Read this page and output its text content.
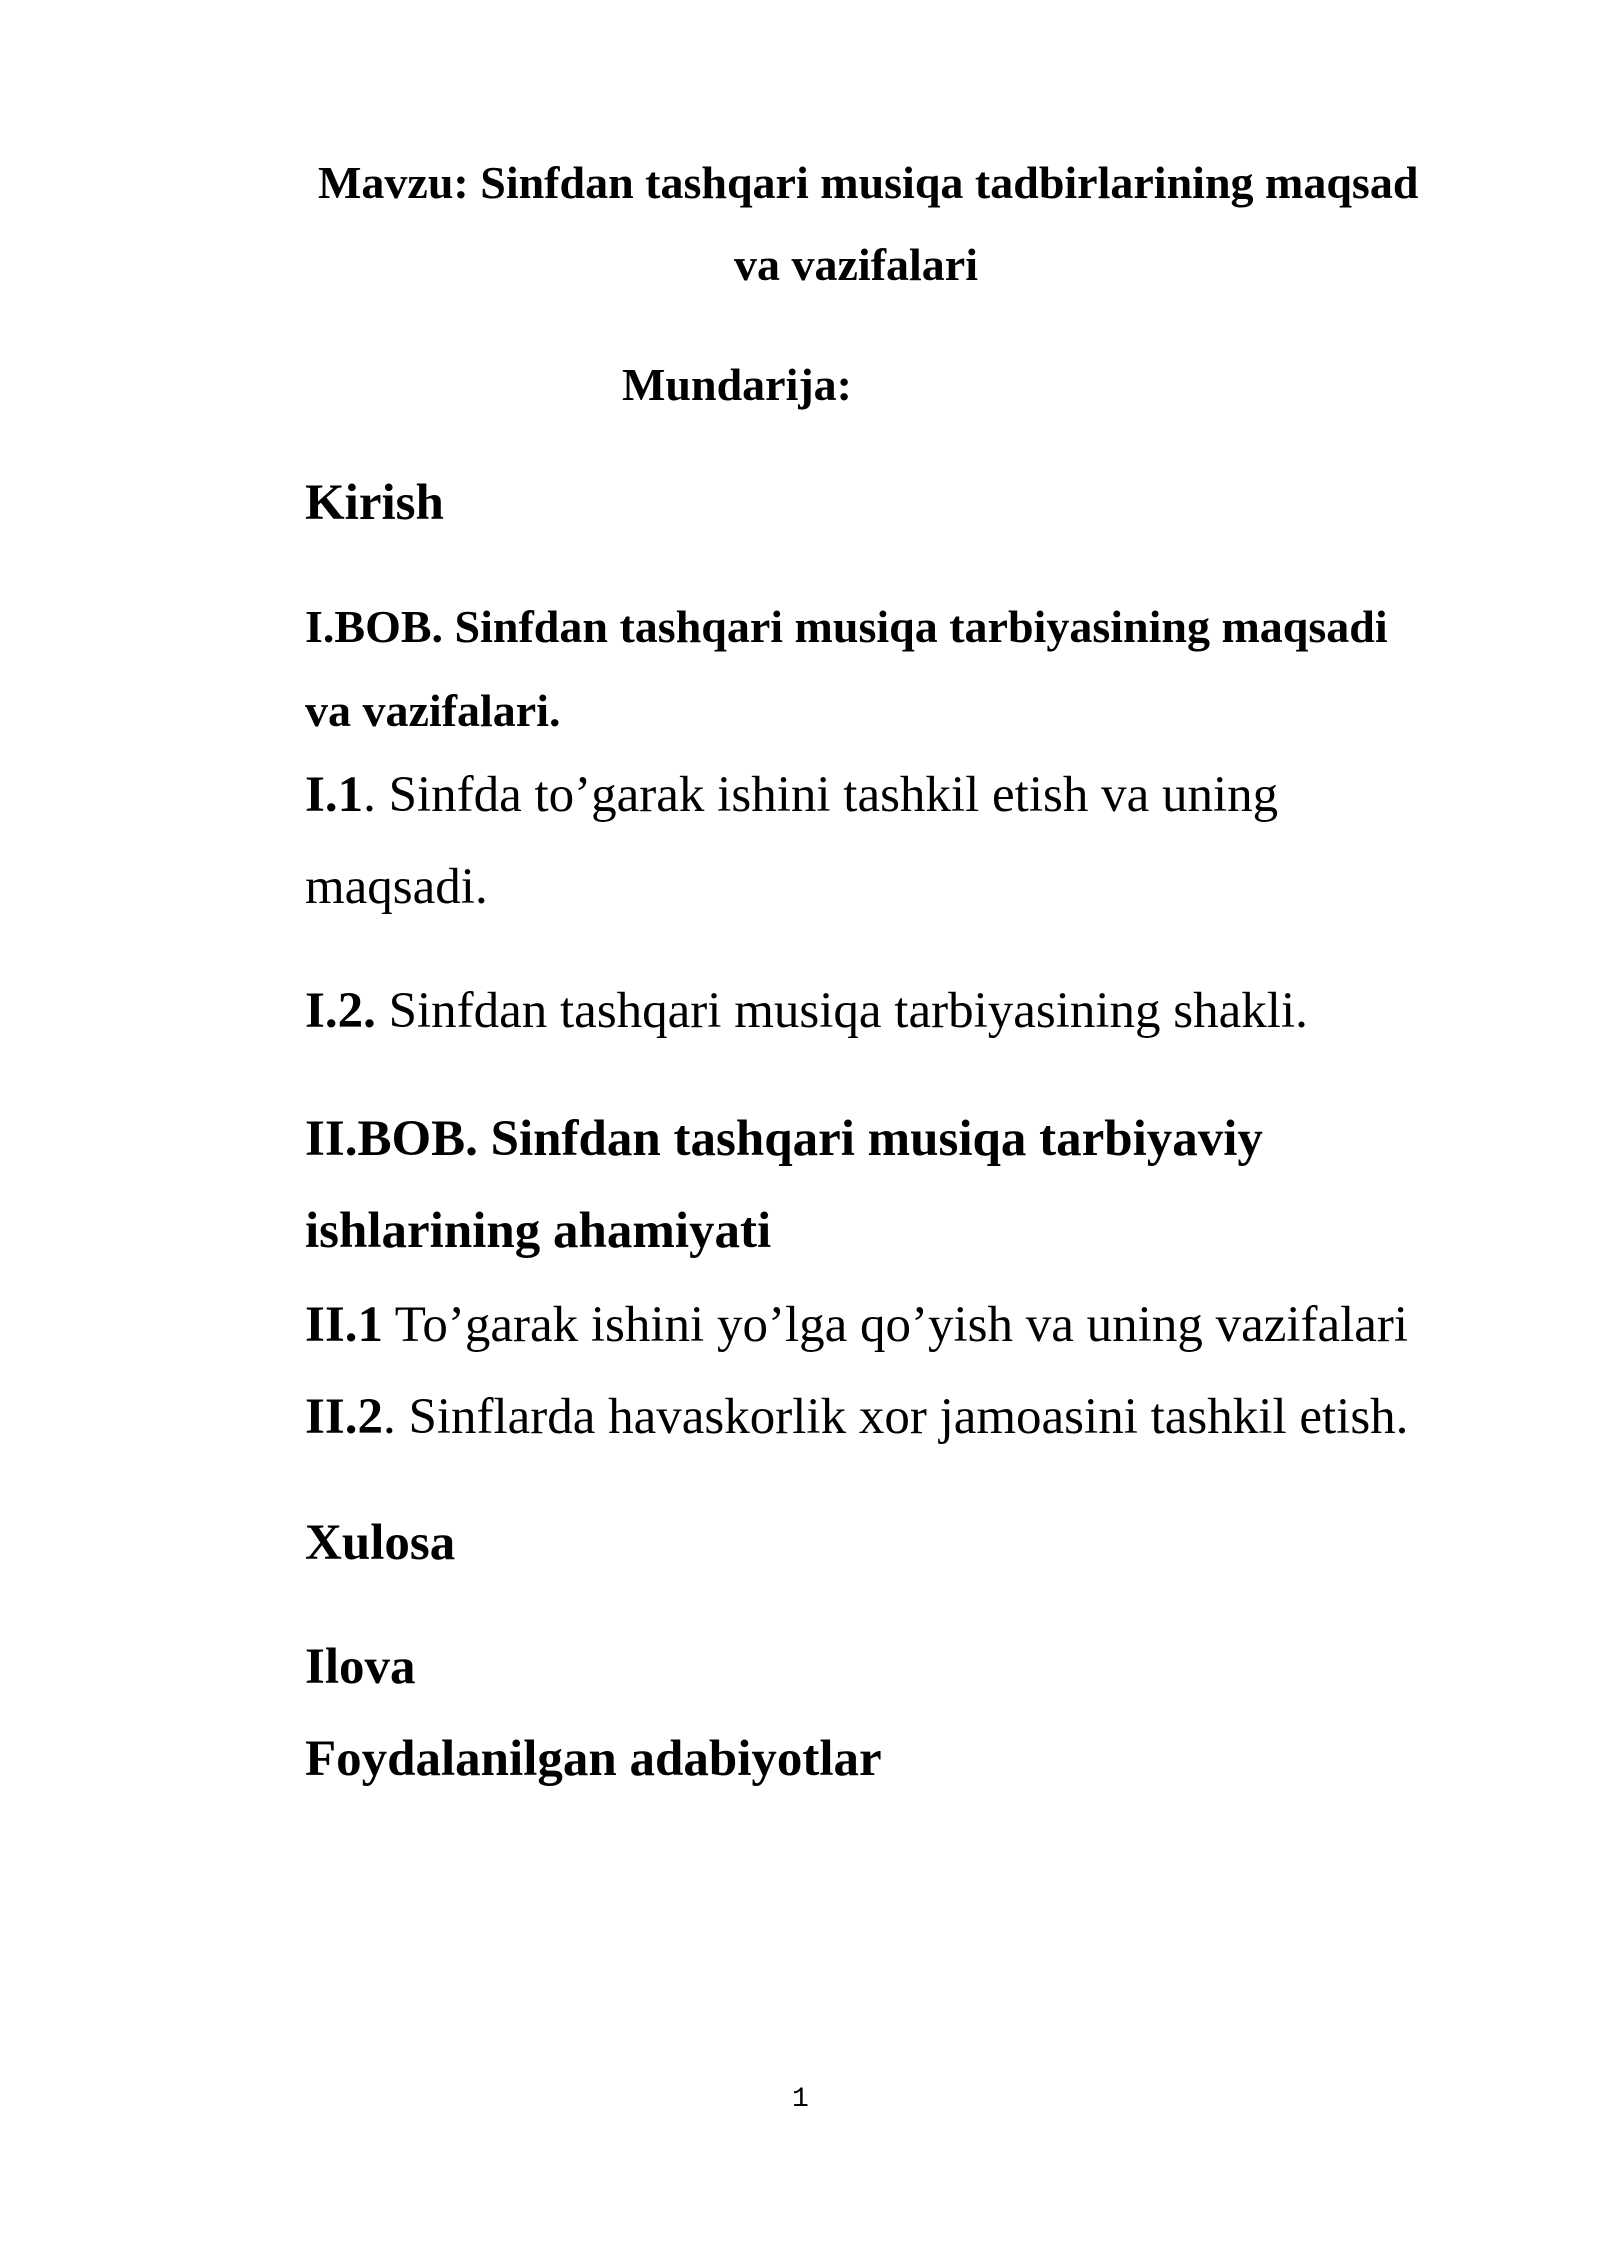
Mavzu: Sinfdan tashqari musiqa tadbirlarining maqsad
va vazifalari
Mundarija:
Kirish
I.BOB. Sinfdan tashqari musiqa tarbiyasining maqsadi
va vazifalari.
I.1. Sinfda to’garak ishini tashkil etish va uning
maqsadi.
I.2. Sinfdan tashqari musiqa tarbiyasining shakli.
II.BOB. Sinfdan tashqari musiqa tarbiyaviy
ishlarining ahamiyati
II.1 To’garak ishini yo’lga qo’yish va uning vazifalari
II.2. Sinflarda havaskorlik xor jamoasini tashkil etish.
Xulosa
Ilova
Foydalanilgan adabiyotlar
1
